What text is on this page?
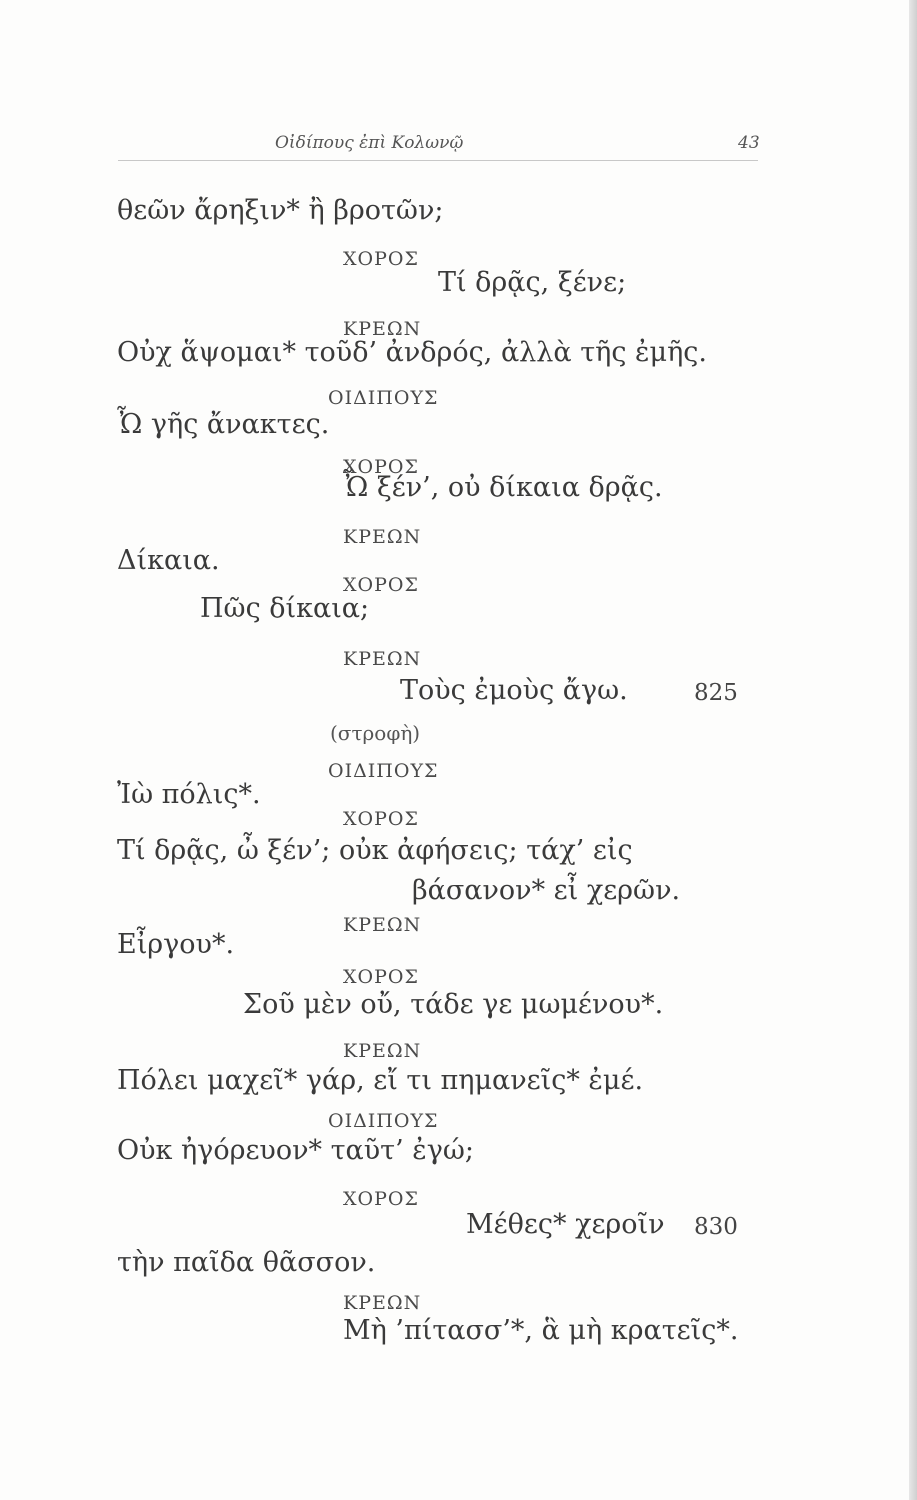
Οἰδίπους ἐπὶ Κολωνῷ	43
θεῶν ἄρηξιν* ἢ βροτῶν;
ΧΟΡΟΣ
Τί δρᾷς, ξένε;
ΚΡΕΩΝ
Οὐχ ἅψομαι* τοῦδ’ ἀνδρός, ἀλλὰ τῆς ἐμῆς.
ΟΙΔΙΠΟΥΣ
Ὦ γῆς ἄνακτες.
ΧΟΡΟΣ
Ὦ ξέν’, οὐ δίκαια δρᾷς.
ΚΡΕΩΝ
Δίκαια.
ΧΟΡΟΣ
Πῶς δίκαια;
ΚΡΕΩΝ
Τοὺς ἐμοὺς ἄγω.	825
(στροφὴ)
ΟΙΔΙΠΟΥΣ
Ἰὼ πόλις*.
ΧΟΡΟΣ
Τί δρᾷς, ὦ ξέν’; οὐκ ἀφήσεις; τάχ’ εἰς
βάσανον* εἶ χερῶν.
ΚΡΕΩΝ
Εἶργου*.
ΧΟΡΟΣ
Σοῦ μὲν οὔ, τάδε γε μωμένου*.
ΚΡΕΩΝ
Πόλει μαχεῖ* γάρ, εἴ τι πημανεῖς* ἐμέ.
ΟΙΔΙΠΟΥΣ
Οὐκ ἠγόρευον* ταῦτ’ ἐγώ;
ΧΟΡΟΣ
Μέθες* χεροῖν 830
τὴν παῖδα θᾶσσον.
ΚΡΕΩΝ
Μὴ ’πίτασσ’*, ἃ μὴ κρατεῖς*.
